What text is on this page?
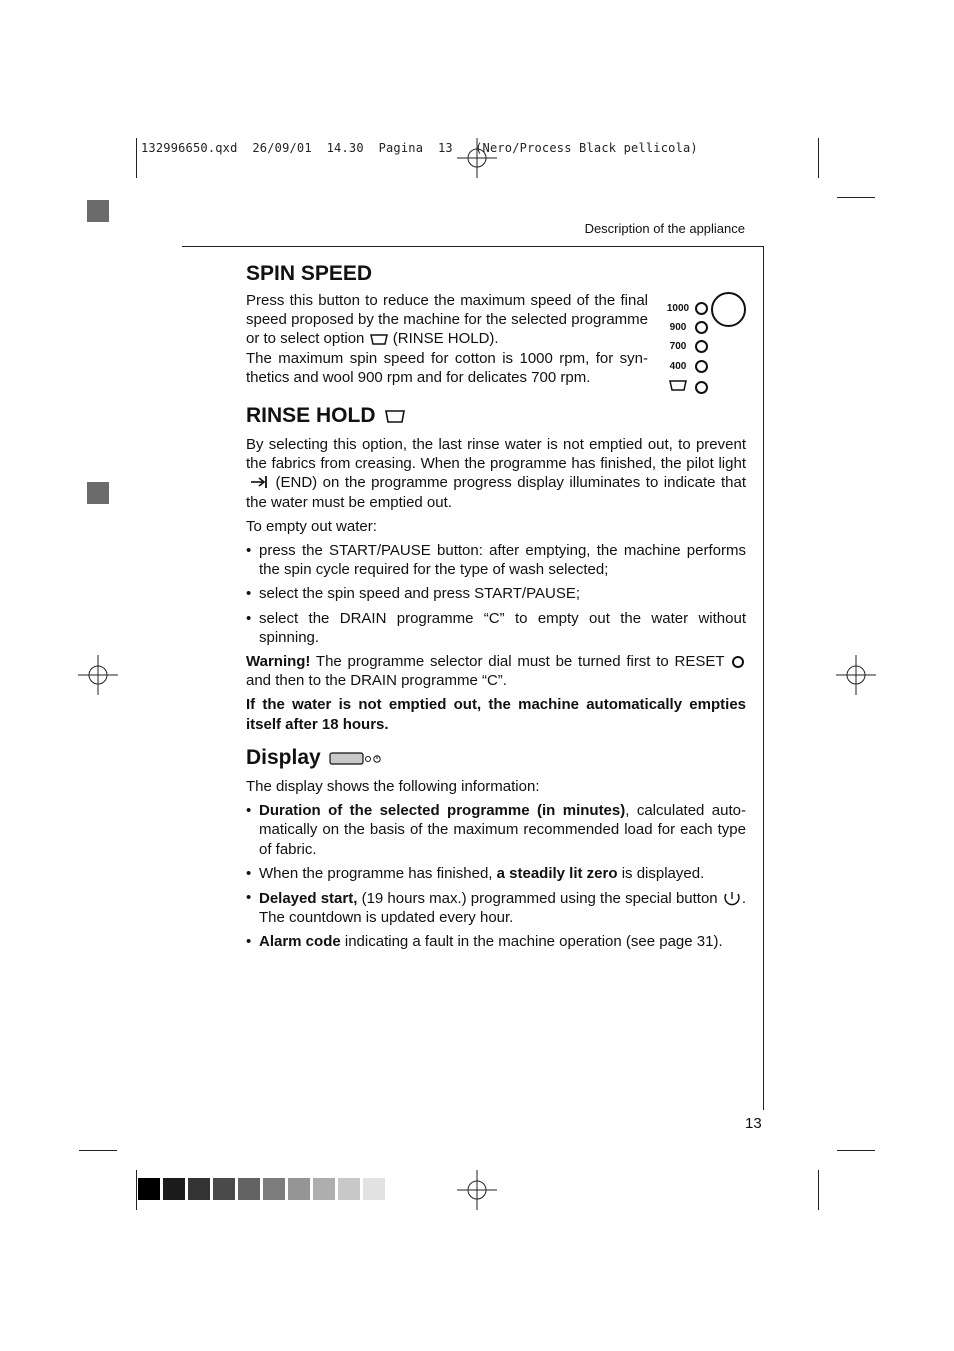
132996650.qxd  26/09/01  14.30  Pagina  13   (Nero/Process Black pellicola)
Description of the appliance
SPIN SPEED

Press this button to reduce the maximum speed of the final speed proposed by the machine for the selected programme or to select option (RINSE HOLD).

The maximum spin speed for cotton is 1000 rpm, for syn-thetics and wool 900 rpm and for delicates 700 rpm.

1000
900
700
400
RINSE HOLD

By selecting this option, the last rinse water is not emptied out, to prevent the fabrics from creasing. When the programme has finished, the pilot light  (END) on the programme progress display illuminates to indicate that the water must be emptied out.

To empty out water:

• press the START/PAUSE button: after emptying, the machine performs the spin cycle required for the type of wash selected;
• select the spin speed and press START/PAUSE;
• select the DRAIN programme “C” to empty out the water without spinning.

Warning! The programme selector dial must be turned first to RESET  and then to the DRAIN programme “C”.

If the water is not emptied out, the machine automatically empties itself after 18 hours.

Display

The display shows the following information:

• Duration of the selected programme (in minutes), calculated auto-matically on the basis of the maximum recommended load for each type of fabric.
• When the programme has finished, a steadily lit zero is displayed.
• Delayed start, (19 hours max.) programmed using the special button . The countdown is updated every hour.
• Alarm code indicating a fault in the machine operation (see page 31).
13
